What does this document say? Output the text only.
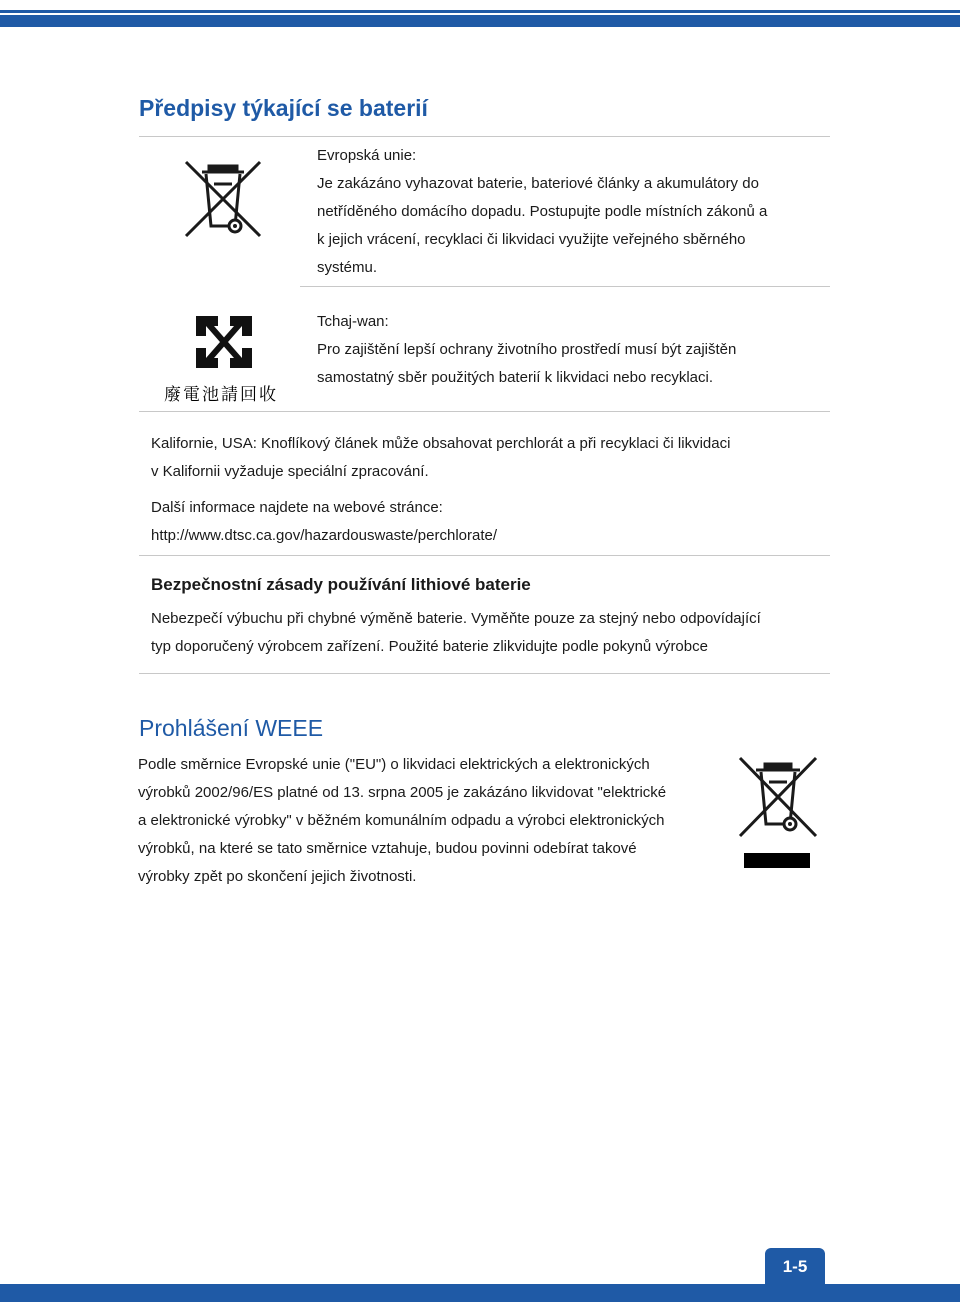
Předpisy týkající se baterií

Evropská unie:

Je zakázáno vyhazovat baterie, bateriové články a akumulátory do

netříděného domácího dopadu. Postupujte podle místních zákonů a

k jejich vrácení, recyklaci či likvidaci využijte veřejného sběrného

systému.

廢電池請回收

Tchaj-wan:

Pro zajištění lepší ochrany životního prostředí musí být zajištěn

samostatný sběr použitých baterií k likvidaci nebo recyklaci.

Kalifornie, USA: Knoflíkový článek může obsahovat perchlorát a při recyklaci či likvidaci

v Kalifornii vyžaduje speciální zpracování.

Další informace najdete na webové stránce:

http://www.dtsc.ca.gov/hazardouswaste/perchlorate/

Bezpečnostní zásady používání lithiové baterie

Nebezpečí výbuchu při chybné výměně baterie. Vyměňte pouze za stejný nebo odpovídající

typ doporučený výrobcem zařízení. Použité baterie zlikvidujte podle pokynů výrobce

Prohlášení WEEE

Podle směrnice Evropské unie ("EU") o likvidaci elektrických a elektronických

výrobků 2002/96/ES platné od 13. srpna 2005 je zakázáno likvidovat "elektrické

a elektronické výrobky" v běžném komunálním odpadu a výrobci elektronických

výrobků, na které se tato směrnice vztahuje, budou povinni odebírat takové

výrobky zpět po skončení jejich životnosti.

1-5
